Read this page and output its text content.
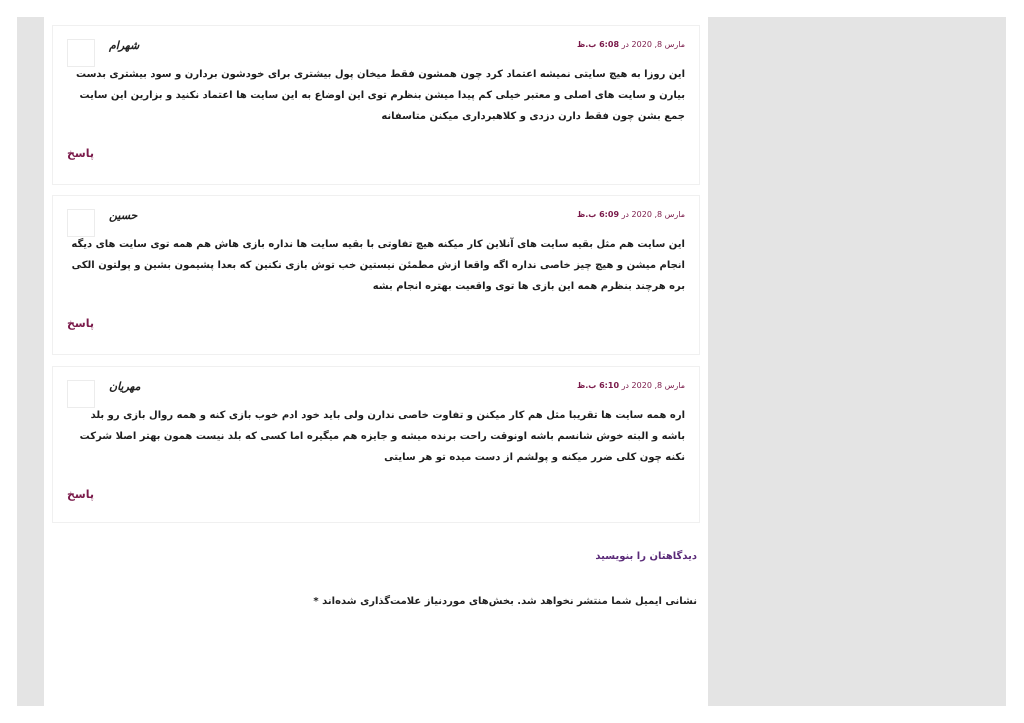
شهرام	مارس 8, 2020 در 6:08 ب.ظ
این روزا به هیچ سایتی نمیشه اعتماد کرد چون همشون فقط میخان پول بیشتری برای خودشون بردارن و سود بیشتری بدست بیارن و سایت های اصلی و معتبر خیلی کم پیدا میشن بنظرم توی این اوضاع به این سایت ها اعتماد نکنید و بزارین این سایت جمع بشن چون فقط دارن دزدی و کلاهبرداری میکنن متاسفانه
پاسخ
حسین	مارس 8, 2020 در 6:09 ب.ظ
این سایت هم مثل بقیه سایت های آنلاین کار میکنه هیچ تفاوتی با بقیه سایت ها نداره بازی هاش هم همه توی سایت های دیگه انجام میشن و هیچ چیز خاصی نداره اگه واقعا ازش مطمئن نیستین خب توش بازی نکنین که بعدا پشیمون بشین و پولتون الکی بره هرچند بنظرم همه این بازی ها توی واقعیت بهتره انجام بشه
پاسخ
مهریان	مارس 8, 2020 در 6:10 ب.ظ
اره همه سایت ها تقریبا مثل هم کار میکنن و تفاوت خاصی ندارن ولی باید خود ادم خوب بازی کنه و همه روال بازی رو بلد باشه و البته خوش شانسم باشه اونوقت راحت برنده میشه و جایزه هم میگیره اما کسی که بلد نیست همون بهتر اصلا شرکت نکنه چون کلی ضرر میکنه و پولشم از دست میده تو هر سایتی
پاسخ
دیدگاهتان را بنویسید
نشانی ایمیل شما منتشر نخواهد شد. بخش‌های موردنیاز علامت‌گذاری شده‌اند *
